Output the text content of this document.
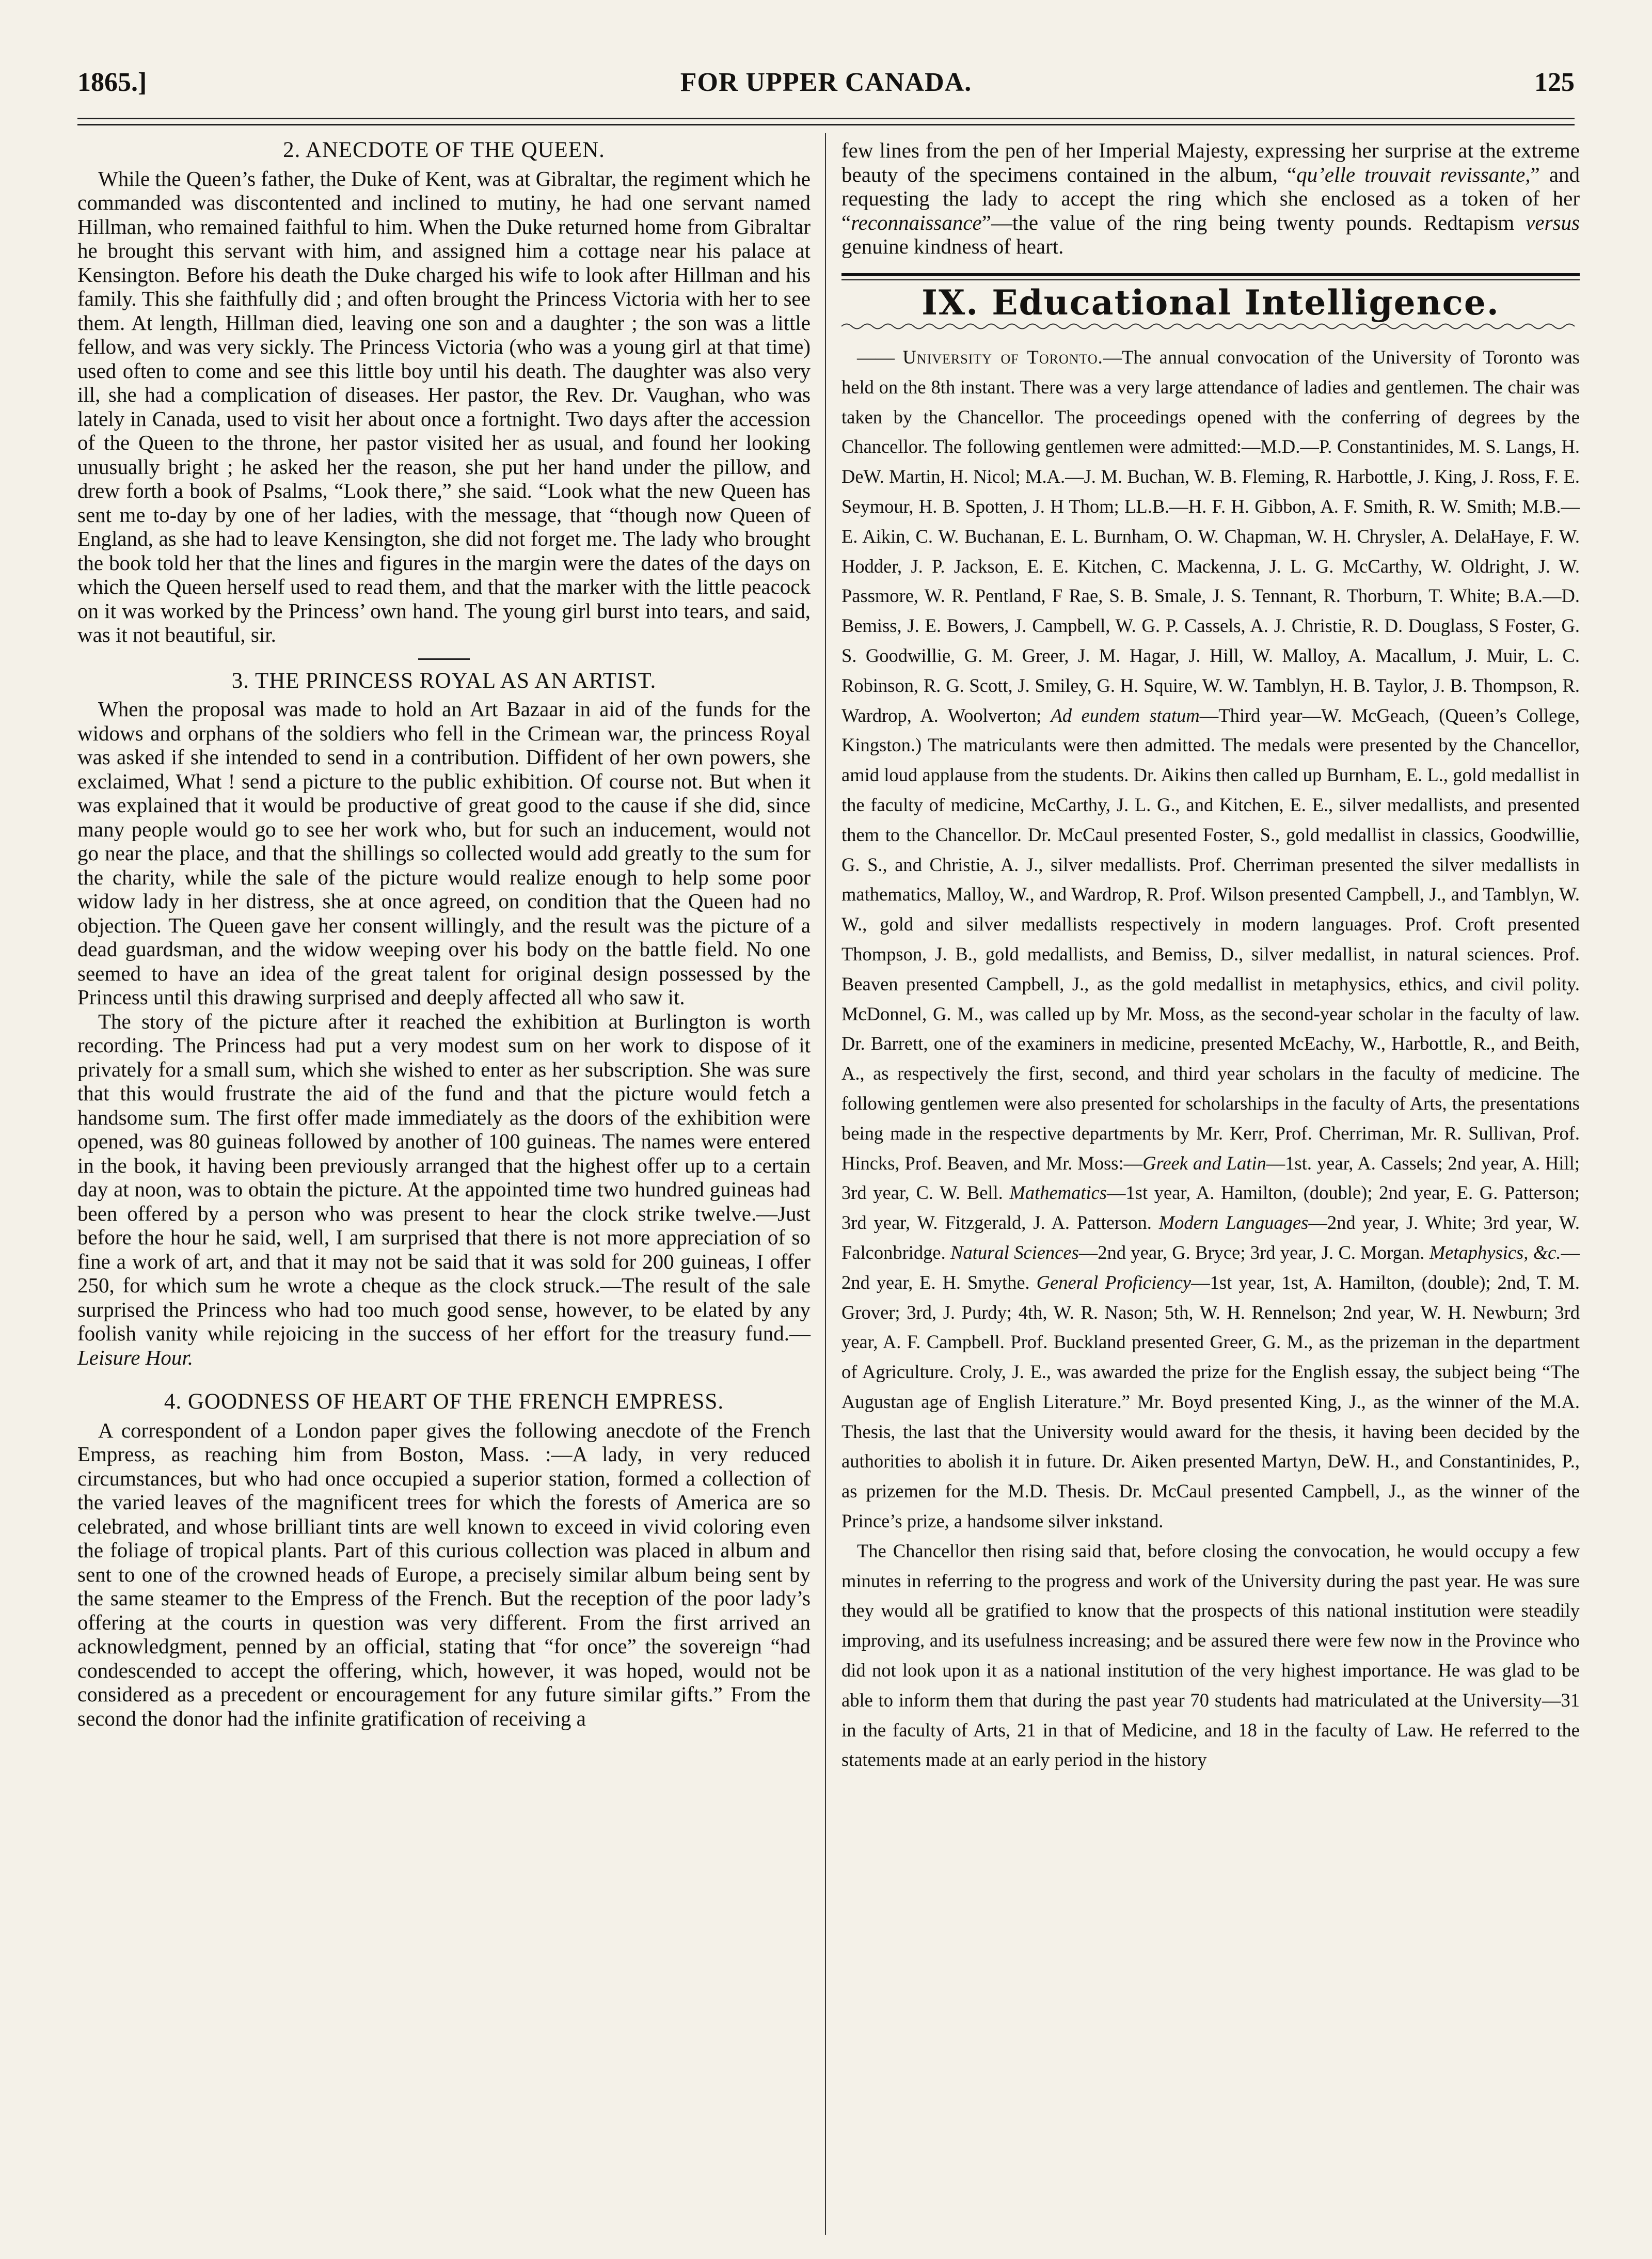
1865.]	FOR UPPER CANADA.	125
2. ANECDOTE OF THE QUEEN.

While the Queen’s father, the Duke of Kent, was at Gibraltar, the regiment which he commanded was discontented and inclined to mutiny, he had one servant named Hillman, who remained faithful to him. When the Duke returned home from Gibraltar he brought this servant with him, and assigned him a cottage near his palace at Kensington. Before his death the Duke charged his wife to look after Hillman and his family. This she faithfully did ; and often brought the Princess Victoria with her to see them. At length, Hillman died, leaving one son and a daughter ; the son was a little fellow, and was very sickly. The Princess Victoria (who was a young girl at that time) used often to come and see this little boy until his death. The daughter was also very ill, she had a complication of diseases. Her pastor, the Rev. Dr. Vaughan, who was lately in Canada, used to visit her about once a fortnight. Two days after the accession of the Queen to the throne, her pastor visited her as usual, and found her looking unusually bright ; he asked her the reason, she put her hand under the pillow, and drew forth a book of Psalms, “Look there,” she said. “Look what the new Queen has sent me to-day by one of her ladies, with the message, that “though now Queen of England, as she had to leave Kensington, she did not forget me. The lady who brought the book told her that the lines and figures in the margin were the dates of the days on which the Queen herself used to read them, and that the marker with the little peacock on it was worked by the Princess’ own hand. The young girl burst into tears, and said, was it not beautiful, sir.

3. THE PRINCESS ROYAL AS AN ARTIST.

When the proposal was made to hold an Art Bazaar in aid of the funds for the widows and orphans of the soldiers who fell in the Crimean war, the princess Royal was asked if she intended to send in a contribution. Diffident of her own powers, she exclaimed, What ! send a picture to the public exhibition. Of course not. But when it was explained that it would be productive of great good to the cause if she did, since many people would go to see her work who, but for such an inducement, would not go near the place, and that the shillings so collected would add greatly to the sum for the charity, while the sale of the picture would realize enough to help some poor widow lady in her distress, she at once agreed, on condition that the Queen had no objection. The Queen gave her consent willingly, and the result was the picture of a dead guardsman, and the widow weeping over his body on the battle field. No one seemed to have an idea of the great talent for original design possessed by the Princess until this drawing surprised and deeply affected all who saw it.

The story of the picture after it reached the exhibition at Burlington is worth recording. The Princess had put a very modest sum on her work to dispose of it privately for a small sum, which she wished to enter as her subscription. She was sure that this would frustrate the aid of the fund and that the picture would fetch a handsome sum. The first offer made immediately as the doors of the exhibition were opened, was 80 guineas followed by another of 100 guineas. The names were entered in the book, it having been previously arranged that the highest offer up to a certain day at noon, was to obtain the picture. At the appointed time two hundred guineas had been offered by a person who was present to hear the clock strike twelve.—Just before the hour he said, well, I am surprised that there is not more appreciation of so fine a work of art, and that it may not be said that it was sold for 200 guineas, I offer 250, for which sum he wrote a cheque as the clock struck.—The result of the sale surprised the Princess who had too much good sense, however, to be elated by any foolish vanity while rejoicing in the success of her effort for the treasury fund.—Leisure Hour.

4. GOODNESS OF HEART OF THE FRENCH EMPRESS.

A correspondent of a London paper gives the following anecdote of the French Empress, as reaching him from Boston, Mass. :—A lady, in very reduced circumstances, but who had once occupied a superior station, formed a collection of the varied leaves of the magnificent trees for which the forests of America are so celebrated, and whose brilliant tints are well known to exceed in vivid coloring even the foliage of tropical plants. Part of this curious collection was placed in album and sent to one of the crowned heads of Europe, a precisely similar album being sent by the same steamer to the Empress of the French. But the reception of the poor lady’s offering at the courts in question was very different. From the first arrived an acknowledgment, penned by an official, stating that “for once” the sovereign “had condescended to accept the offering, which, however, it was hoped, would not be considered as a precedent or encouragement for any future similar gifts.” From the second the donor had the infinite gratification of receiving a

few lines from the pen of her Imperial Majesty, expressing her surprise at the extreme beauty of the specimens contained in the album, “qu’elle trouvait revissante,” and requesting the lady to accept the ring which she enclosed as a token of her “reconnaissance”—the value of the ring being twenty pounds. Redtapism versus genuine kindness of heart.

IX. Educational Intelligence.

—— University of Toronto.—The annual convocation of the University of Toronto was held on the 8th instant. There was a very large attendance of ladies and gentlemen. The chair was taken by the Chancellor. The proceedings opened with the conferring of degrees by the Chancellor. The following gentlemen were admitted:—M.D.—P. Constantinides, M. S. Langs, H. DeW. Martin, H. Nicol; M.A.—J. M. Buchan, W. B. Fleming, R. Harbottle, J. King, J. Ross, F. E. Seymour, H. B. Spotten, J. H Thom; LL.B.—H. F. H. Gibbon, A. F. Smith, R. W. Smith; M.B.—E. Aikin, C. W. Buchanan, E. L. Burnham, O. W. Chapman, W. H. Chrysler, A. DelaHaye, F. W. Hodder, J. P. Jackson, E. E. Kitchen, C. Mackenna, J. L. G. McCarthy, W. Oldright, J. W. Passmore, W. R. Pentland, F Rae, S. B. Smale, J. S. Tennant, R. Thorburn, T. White; B.A.—D. Bemiss, J. E. Bowers, J. Campbell, W. G. P. Cassels, A. J. Christie, R. D. Douglass, S Foster, G. S. Goodwillie, G. M. Greer, J. M. Hagar, J. Hill, W. Malloy, A. Macallum, J. Muir, L. C. Robinson, R. G. Scott, J. Smiley, G. H. Squire, W. W. Tamblyn, H. B. Taylor, J. B. Thompson, R. Wardrop, A. Woolverton; Ad eundem statum—Third year—W. McGeach, (Queen’s College, Kingston.) The matriculants were then admitted. The medals were presented by the Chancellor, amid loud applause from the students. Dr. Aikins then called up Burnham, E. L., gold medallist in the faculty of medicine, McCarthy, J. L. G., and Kitchen, E. E., silver medallists, and presented them to the Chancellor. Dr. McCaul presented Foster, S., gold medallist in classics, Goodwillie, G. S., and Christie, A. J., silver medallists. Prof. Cherriman presented the silver medallists in mathematics, Malloy, W., and Wardrop, R. Prof. Wilson presented Campbell, J., and Tamblyn, W. W., gold and silver medallists respectively in modern languages. Prof. Croft presented Thompson, J. B., gold medallists, and Bemiss, D., silver medallist, in natural sciences. Prof. Beaven presented Campbell, J., as the gold medallist in metaphysics, ethics, and civil polity. McDonnel, G. M., was called up by Mr. Moss, as the second-year scholar in the faculty of law. Dr. Barrett, one of the examiners in medicine, presented McEachy, W., Harbottle, R., and Beith, A., as respectively the first, second, and third year scholars in the faculty of medicine. The following gentlemen were also presented for scholarships in the faculty of Arts, the presentations being made in the respective departments by Mr. Kerr, Prof. Cherriman, Mr. R. Sullivan, Prof. Hincks, Prof. Beaven, and Mr. Moss:—Greek and Latin—1st. year, A. Cassels; 2nd year, A. Hill; 3rd year, C. W. Bell. Mathematics—1st year, A. Hamilton, (double); 2nd year, E. G. Patterson; 3rd year, W. Fitzgerald, J. A. Patterson. Modern Languages—2nd year, J. White; 3rd year, W. Falconbridge. Natural Sciences—2nd year, G. Bryce; 3rd year, J. C. Morgan. Metaphysics, &c.—2nd year, E. H. Smythe. General Proficiency—1st year, 1st, A. Hamilton, (double); 2nd, T. M. Grover; 3rd, J. Purdy; 4th, W. R. Nason; 5th, W. H. Rennelson; 2nd year, W. H. Newburn; 3rd year, A. F. Campbell. Prof. Buckland presented Greer, G. M., as the prizeman in the department of Agriculture. Croly, J. E., was awarded the prize for the English essay, the subject being “The Augustan age of English Literature.” Mr. Boyd presented King, J., as the winner of the M.A. Thesis, the last that the University would award for the thesis, it having been decided by the authorities to abolish it in future. Dr. Aiken presented Martyn, DeW. H., and Constantinides, P., as prizemen for the M.D. Thesis. Dr. McCaul presented Campbell, J., as the winner of the Prince’s prize, a handsome silver inkstand.

The Chancellor then rising said that, before closing the convocation, he would occupy a few minutes in referring to the progress and work of the University during the past year. He was sure they would all be gratified to know that the prospects of this national institution were steadily improving, and its usefulness increasing; and be assured there were few now in the Province who did not look upon it as a national institution of the very highest importance. He was glad to be able to inform them that during the past year 70 students had matriculated at the University—31 in the faculty of Arts, 21 in that of Medicine, and 18 in the faculty of Law. He referred to the statements made at an early period in the history
